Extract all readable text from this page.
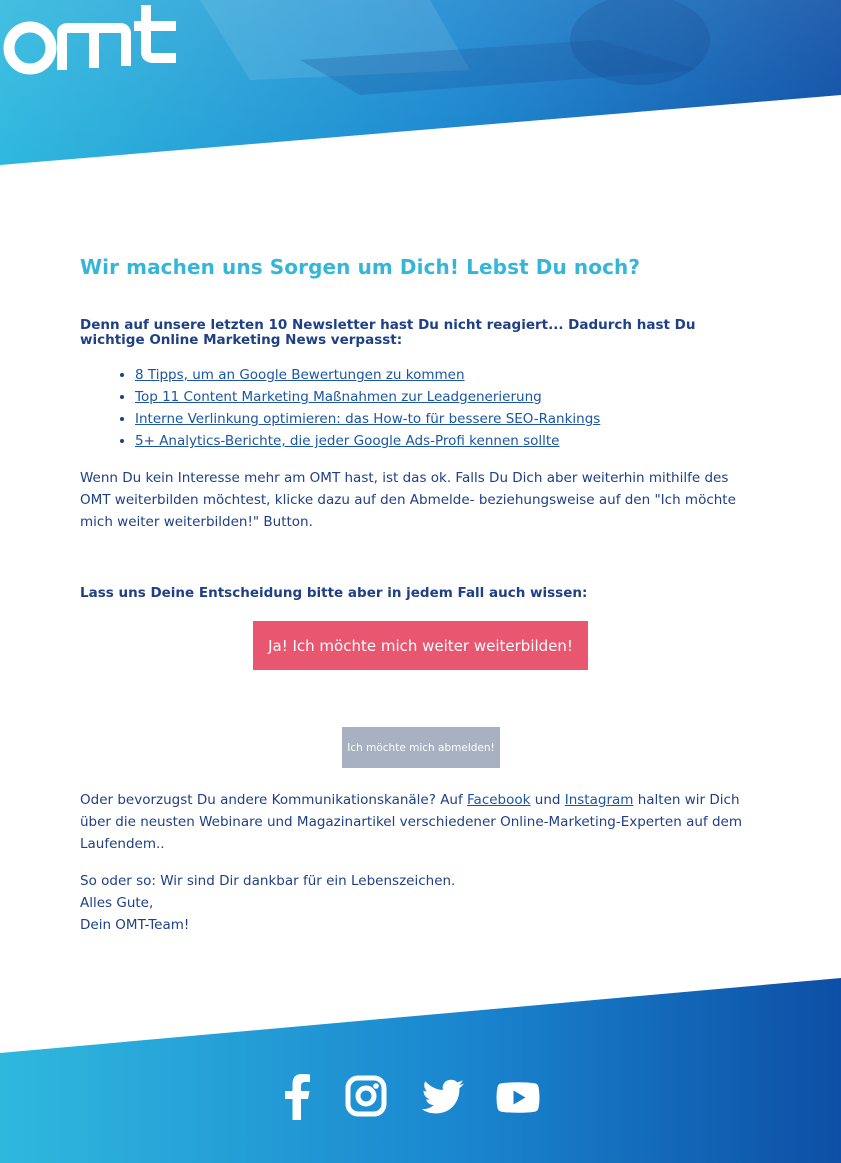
Wir machen uns Sorgen um Dich! Lebst Du noch?

Denn auf unsere letzten 10 Newsletter hast Du nicht reagiert... Dadurch hast Du wichtige Online Marketing News verpasst:

• 8 Tipps, um an Google Bewertungen zu kommen
• Top 11 Content Marketing Maßnahmen zur Leadgenerierung
• Interne Verlinkung optimieren: das How-to für bessere SEO-Rankings
• 5+ Analytics-Berichte, die jeder Google Ads-Profi kennen sollte

Wenn Du kein Interesse mehr am OMT hast, ist das ok. Falls Du Dich aber weiterhin mithilfe des OMT weiterbilden möchtest, klicke dazu auf den Abmelde- beziehungsweise auf den "Ich möchte mich weiter weiterbilden!" Button.

Lass uns Deine Entscheidung bitte aber in jedem Fall auch wissen:

Ja! Ich möchte mich weiter weiterbilden!
Ich möchte mich abmelden!

Oder bevorzugst Du andere Kommunikationskanäle? Auf Facebook und Instagram halten wir Dich über die neusten Webinare und Magazinartikel verschiedener Online-Marketing-Experten auf dem Laufendem..

So oder so: Wir sind Dir dankbar für ein Lebenszeichen.
Alles Gute,
Dein OMT-Team!
